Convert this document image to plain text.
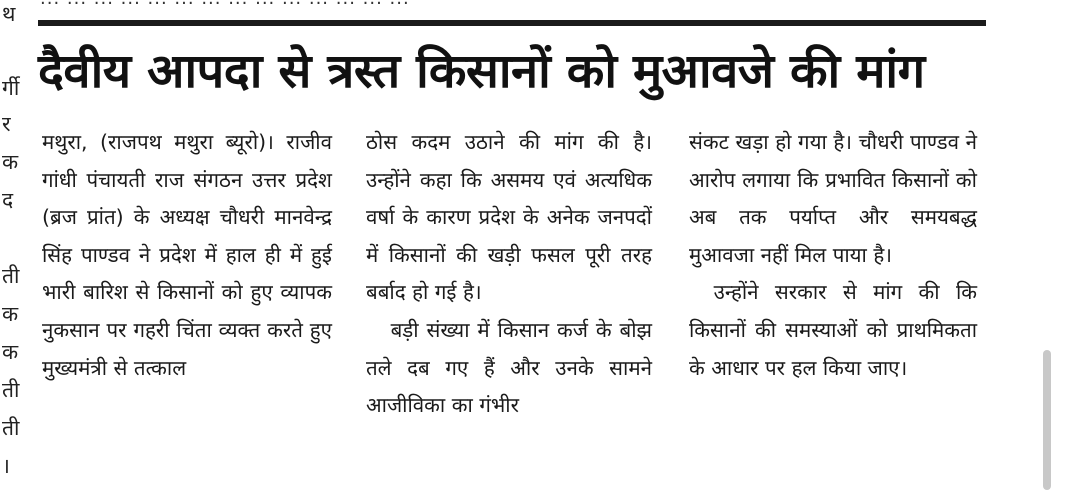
थ
र्गी
र
क
द
ती
क
क
ती
ती
।
दैवीय आपदा से त्रस्त किसानों को मुआवजे की मांग

मथुरा, (राजपथ मथुरा ब्यूरो)। राजीव गांधी पंचायती राज संगठन उत्तर प्रदेश (ब्रज प्रांत) के अध्यक्ष चौधरी मानवेन्द्र सिंह पाण्डव ने प्रदेश में हाल ही में हुई भारी बारिश से किसानों को हुए व्यापक नुकसान पर गहरी चिंता व्यक्त करते हुए मुख्यमंत्री से तत्काल

ठोस कदम उठाने की मांग की है। उन्होंने कहा कि असमय एवं अत्यधिक वर्षा के कारण प्रदेश के अनेक जनपदों में किसानों की खड़ी फसल पूरी तरह बर्बाद हो गई है।

बड़ी संख्या में किसान कर्ज के बोझ तले दब गए हैं और उनके सामने आजीविका का गंभीर

संकट खड़ा हो गया है। चौधरी पाण्डव ने आरोप लगाया कि प्रभावित किसानों को अब तक पर्याप्त और समयबद्ध मुआवजा नहीं मिल पाया है।

उन्होंने सरकार से मांग की कि किसानों की समस्याओं को प्राथमिकता के आधार पर हल किया जाए।
